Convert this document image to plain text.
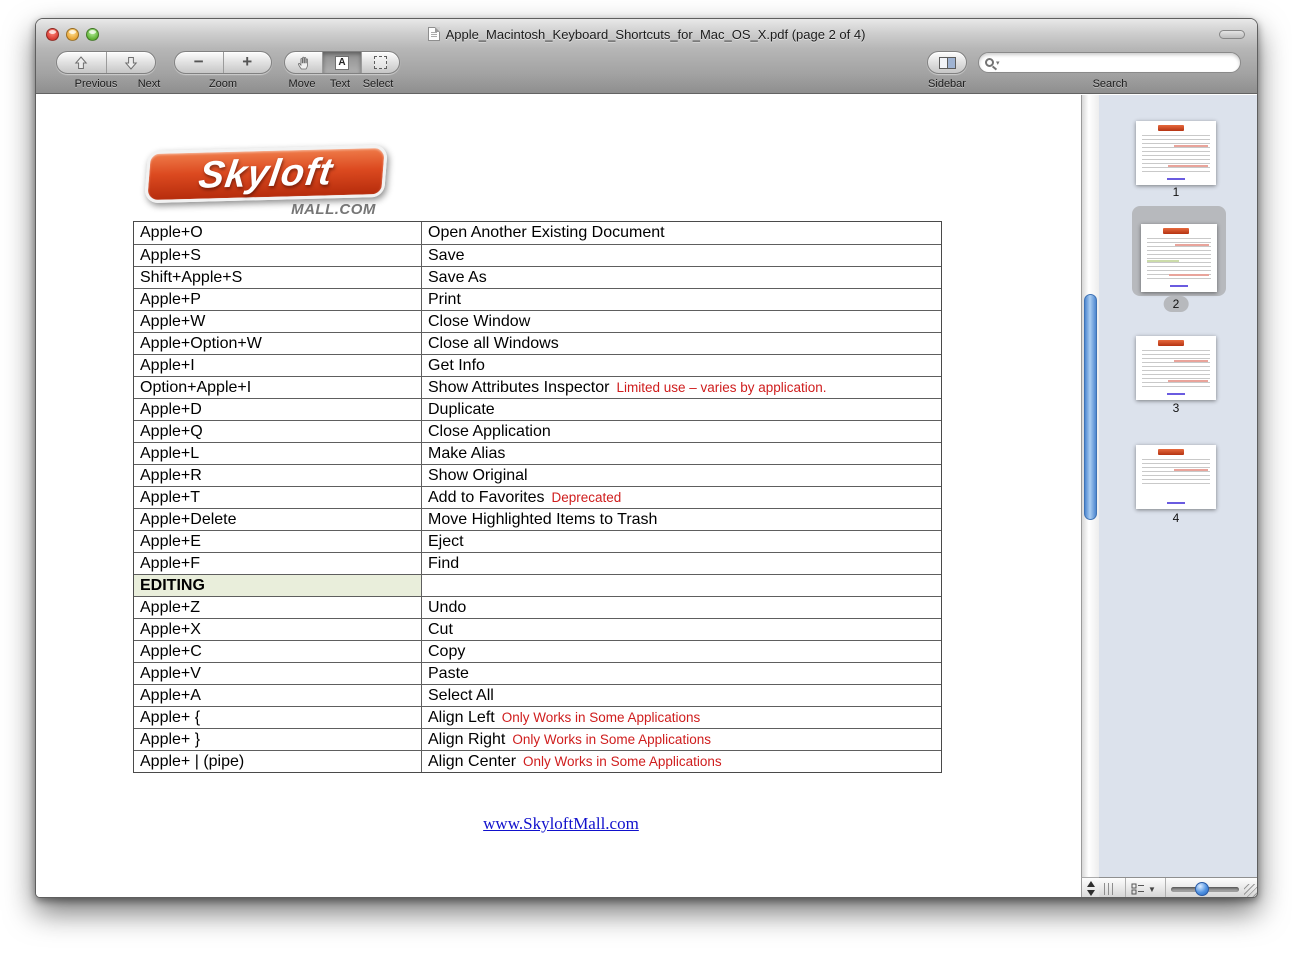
Apple_Macintosh_Keyboard_Shortcuts_for_Mac_OS_X.pdf (page 2 of 4)
Previous Next
− +
Zoom
A
Move Text Select	Sidebar
▾
Search
Skyloft
MALL.COM
Apple+O	Open Another Existing Document
Apple+S	Save
Shift+Apple+S	Save As
Apple+P	Print
Apple+W	Close Window
Apple+Option+W	Close all Windows
Apple+I	Get Info
Option+Apple+I	Show Attributes Inspector Limited use – varies by application.
Apple+D	Duplicate
Apple+Q	Close Application
Apple+L	Make Alias
Apple+R	Show Original
Apple+T	Add to Favorites Deprecated
Apple+Delete	Move Highlighted Items to Trash
Apple+E	Eject
Apple+F	Find
EDITING
Apple+Z	Undo
Apple+X	Cut
Apple+C	Copy
Apple+V	Paste
Apple+A	Select All
Apple+ {	Align Left Only Works in Some Applications
Apple+ }	Align Right Only Works in Some Applications
Apple+ | (pipe)	Align Center Only Works in Some Applications
www.SkyloftMall.com
1
2
3
4
▼
